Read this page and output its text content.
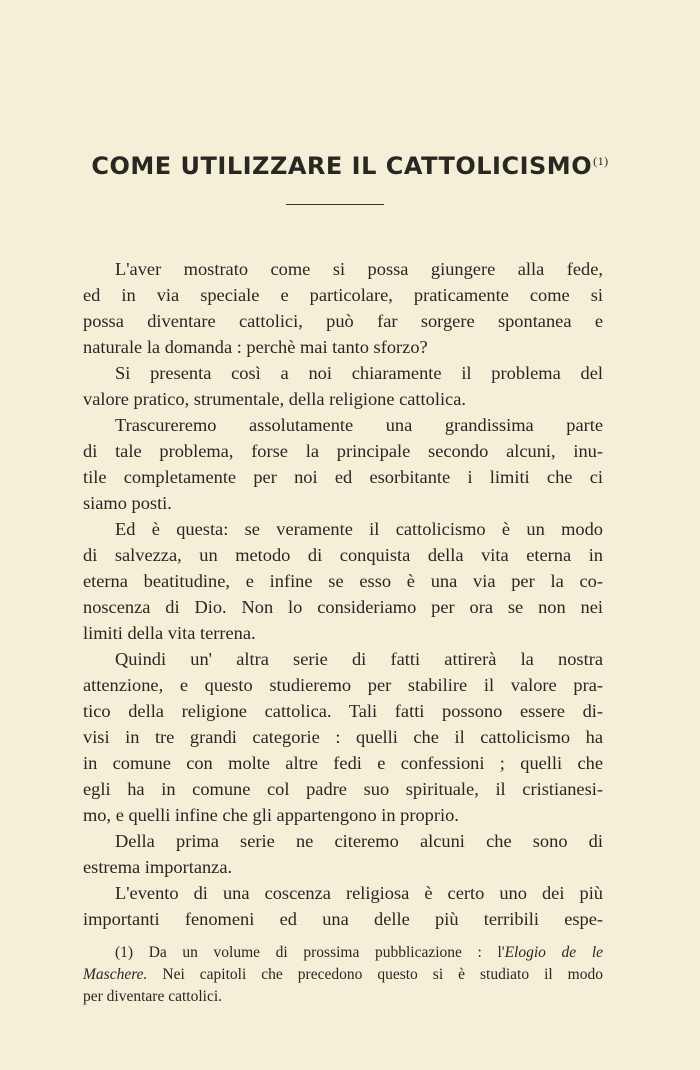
COME UTILIZZARE IL CATTOLICISMO$^{(1)}$
L'aver mostrato come si possa giungere alla fede,
ed in via speciale e particolare, praticamente come si
possa diventare cattolici, può far sorgere spontanea e
naturale la domanda : perchè mai tanto sforzo?
Si presenta così a noi chiaramente il problema del
valore pratico, strumentale, della religione cattolica.
Trascureremo assolutamente una grandissima parte
di tale problema, forse la principale secondo alcuni, inu-
tile completamente per noi ed esorbitante i limiti che ci
siamo posti.
Ed è questa: se veramente il cattolicismo è un modo
di salvezza, un metodo di conquista della vita eterna in
eterna beatitudine, e infine se esso è una via per la co-
noscenza di Dio. Non lo consideriamo per ora se non nei
limiti della vita terrena.
Quindi un' altra serie di fatti attirerà la nostra
attenzione, e questo studieremo per stabilire il valore pra-
tico della religione cattolica. Tali fatti possono essere di-
visi in tre grandi categorie : quelli che il cattolicismo ha
in comune con molte altre fedi e confessioni ; quelli che
egli ha in comune col padre suo spirituale, il cristianesi-
mo, e quelli infine che gli appartengono in proprio.
Della prima serie ne citeremo alcuni che sono di
estrema importanza.
L'evento di una coscenza religiosa è certo uno dei più
importanti fenomeni ed una delle più terribili espe-
(1) Da un volume di prossima pubblicazione : l'Elogio de le
Maschere. Nei capitoli che precedono questo si è studiato il modo
per diventare cattolici.
